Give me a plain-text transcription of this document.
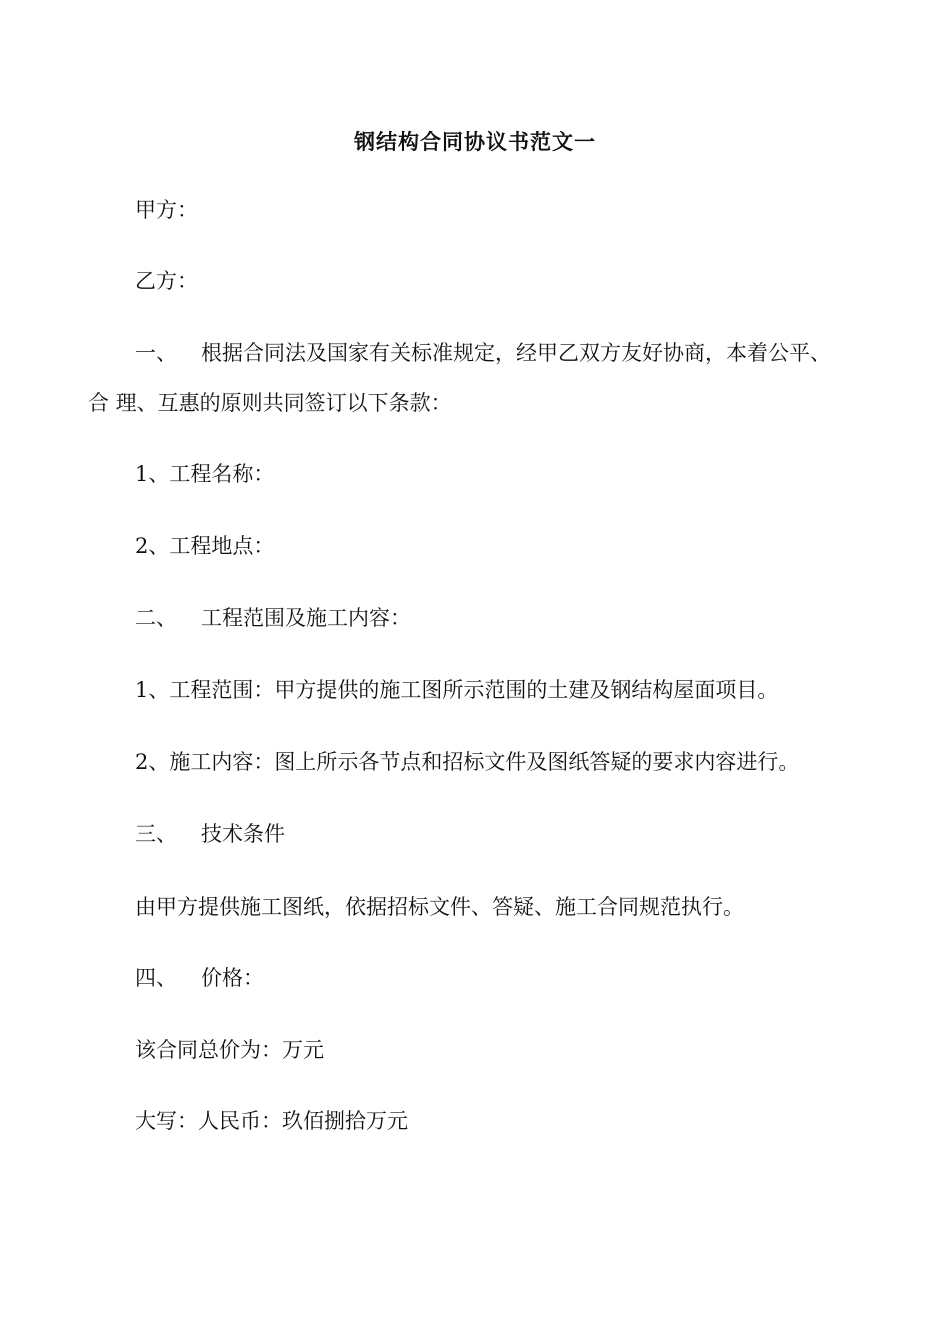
钢结构合同协议书范文一
甲方：
乙方：
一、 根据合同法及国家有关标准规定，经甲乙双方友好协商，本着公平、
合 理、互惠的原则共同签订以下条款：
1、工程名称：
2、工程地点：
二、 工程范围及施工内容：
1、工程范围：甲方提供的施工图所示范围的土建及钢结构屋面项目。
2、施工内容：图上所示各节点和招标文件及图纸答疑的要求内容进行。
三、 技术条件
由甲方提供施工图纸，依据招标文件、答疑、施工合同规范执行。
四、 价格：
该合同总价为：万元
大写：人民币：玖佰捌拾万元
